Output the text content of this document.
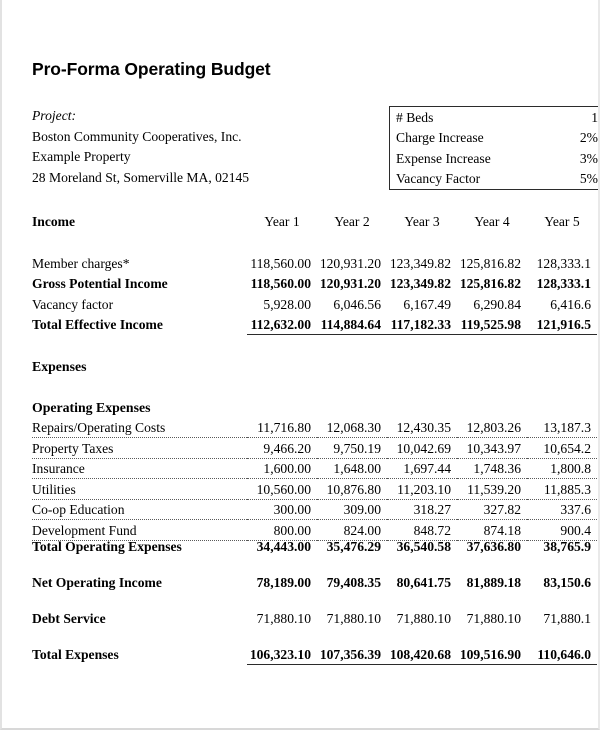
Pro-Forma Operating Budget
Project:
Boston Community Cooperatives, Inc.
Example Property
28 Moreland St, Somerville MA, 02145
# Beds	1
Charge Increase	2%
Expense Increase	3%
Vacancy Factor	5%
Income	Year 1	Year 2	Year 3	Year 4	Year 5
Member charges*	118,560.00 120,931.20 123,349.82 125,816.82	128,333.1
Gross Potential Income	118,560.00 120,931.20 123,349.82 125,816.82	128,333.1
Vacancy factor	5,928.00	6,046.56	6,167.49	6,290.84	6,416.6
Total Effective Income	112,632.00 114,884.64 117,182.33 119,525.98	121,916.5
Expenses
Operating Expenses
Repairs/Operating Costs	11,716.80	12,068.30	12,430.35	12,803.26	13,187.3
Property Taxes	9,466.20	9,750.19	10,042.69	10,343.97	10,654.2
Insurance	1,600.00	1,648.00	1,697.44	1,748.36	1,800.8
Utilities	10,560.00	10,876.80	11,203.10	11,539.20	11,885.3
Co-op Education	300.00	309.00	318.27	327.82	337.6
Development Fund	800.00	824.00	848.72	874.18	900.4
Total Operating Expenses	34,443.00	35,476.29	36,540.58	37,636.80	38,765.9
Net Operating Income	78,189.00	79,408.35	80,641.75	81,889.18	83,150.6
Debt Service	71,880.10	71,880.10	71,880.10	71,880.10	71,880.1
Total Expenses	106,323.10 107,356.39 108,420.68 109,516.90	110,646.0
